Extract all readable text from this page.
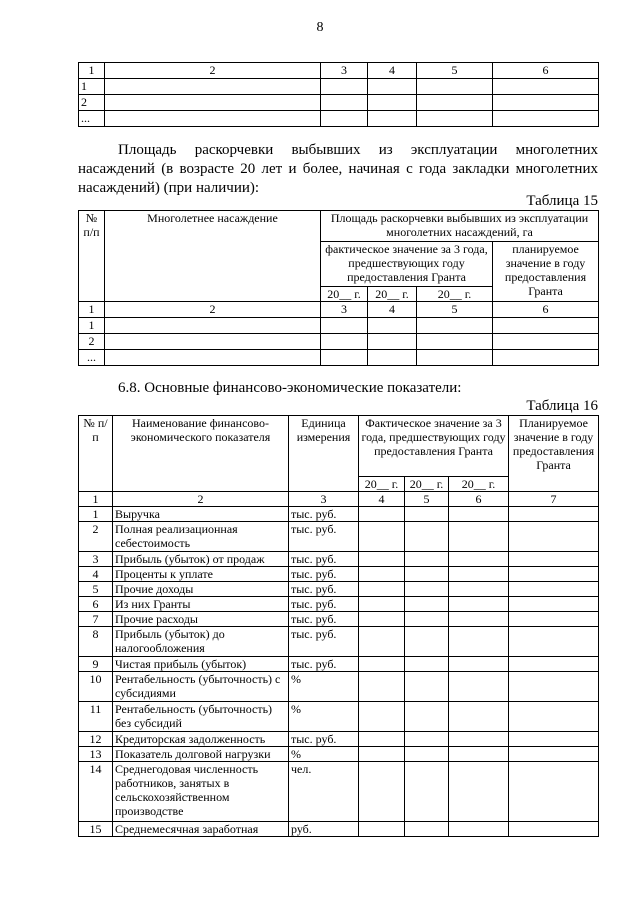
8
1	2	3	4	5	6
1					
2					
...					
Площадь раскорчевки выбывших из эксплуатации многолетних
насаждений (в возрасте 20 лет и более, начиная с года закладки многолетних
насаждений) (при наличии):
Таблица 15
№ п/п	Многолетнее насаждение	Площадь раскорчевки выбывших из эксплуатации многолетних насаждений, га			
		фактическое значение за 3 года, предшествующих году предоставления Гранта			планируемое значение в году предоставления Гранта
		20__ г.	20__ г.	20__ г.	
1	2	3	4	5	6
1					
2					
...					
6.8. Основные финансово-экономические показатели:
Таблица 16
№ п/п	Наименование финансово-экономического показателя	Единица измерения	Фактическое значение за 3 года, предшествующих году предоставления Гранта			Планируемое значение в году предоставления Гранта
			20__ г.	20__ г.	20__ г.	
1	2	3	4	5	6	7
1	Выручка	тыс. руб.				
2	Полная реализационная себестоимость	тыс. руб.				
3	Прибыль (убыток) от продаж	тыс. руб.				
4	Проценты к уплате	тыс. руб.				
5	Прочие доходы	тыс. руб.				
6	Из них Гранты	тыс. руб.				
7	Прочие расходы	тыс. руб.				
8	Прибыль (убыток) до налогообложения	тыс. руб.				
9	Чистая прибыль (убыток)	тыс. руб.				
10	Рентабельность (убыточность) с субсидиями	%				
11	Рентабельность (убыточность) без субсидий	%				
12	Кредиторская задолженность	тыс. руб.				
13	Показатель долговой нагрузки	%				
14	Среднегодовая численность работников, занятых в сельскохозяйственном производстве	чел.				
15	Среднемесячная заработная	руб.				
